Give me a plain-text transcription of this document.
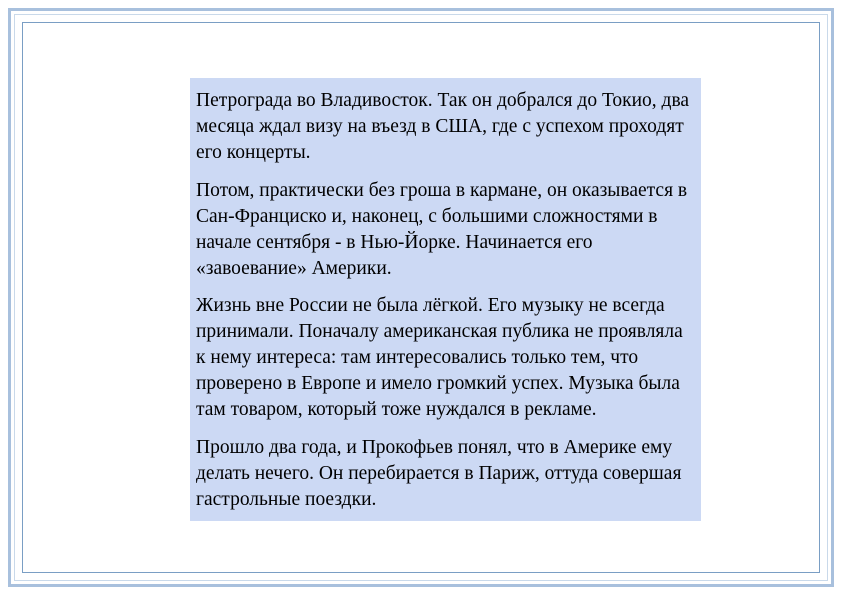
Петрограда во Владивосток. Так он добрался до Токио, два месяца ждал визу на въезд в США, где с успехом проходят его концерты.

Потом, практически без гроша в кармане, он оказывается в Сан-Франциско и, наконец, с большими сложностями в начале сентября - в Нью-Йорке. Начинается его «завоевание» Америки.

Жизнь вне России не была лёгкой. Его музыку не всегда принимали. Поначалу американская публика не проявляла к нему интереса: там интересовались только тем, что проверено в Европе и имело громкий успех. Музыка была там товаром, который тоже нуждался в рекламе.

Прошло два года, и Прокофьев понял, что в Америке ему делать нечего. Он перебирается в Париж, оттуда совершая гастрольные поездки.
